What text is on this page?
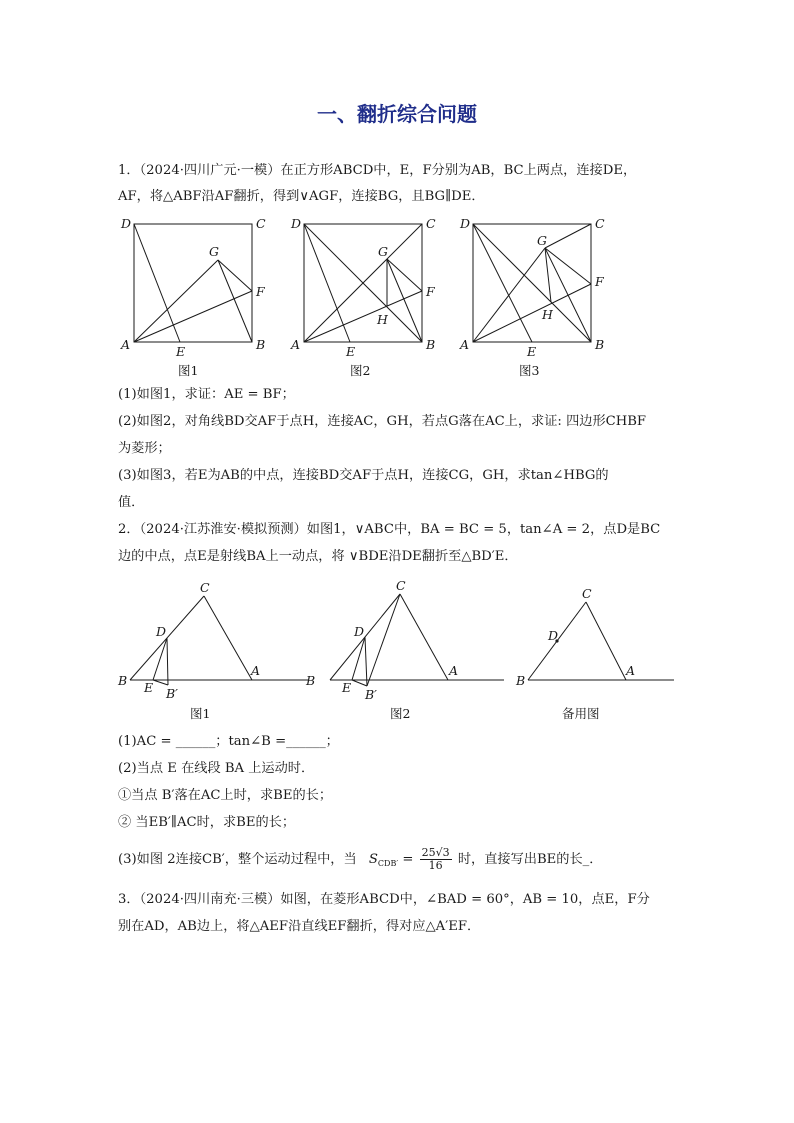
一、翻折综合问题
1．（2024·四川广元·一模）在正方形ABCD中，E，F分别为AB，BC上两点，连接DE，
AF，将△ABF沿AF翻折，得到∨AGF，连接BG，且BG∥DE．
D	C
A	B
E
F
G
图1
D	C
A	B
E
F
G
H
图2
D	C
A	B
E
F
G
H
图3
(1)如图1，求证：AE = BF；
(2)如图2，对角线BD交AF于点H，连接AC，GH，若点G落在AC上，求证: 四边形CHBF
为菱形；
(3)如图3，若E为AB的中点，连接BD交AF于点H，连接CG，GH，求tan∠HBG的
值．
2．（2024·江苏淮安·模拟预测）如图1，∨ABC中，BA = BC = 5，tan∠A = 2，点D是BC
边的中点，点E是射线BA上一动点，将 ∨BDE沿DE翻折至△BD′E．
B
C
A
D
E B′
B
图1
C
A
D
E B′
图2
B
C
A
D
备用图
(1)AC = ______；tan∠B =______；
(2)当点 E 在线段 BA 上运动时．
①当点 B′落在AC上时，求BE的长；
② 当EB′∥AC时，求BE的长；
(3)如图 2连接CB′，整个运动过程中，当 $S_{CDB'} = \frac{25√3}{16}$ 时，直接写出BE的长_．
3．（2024·四川南充·三模）如图，在菱形ABCD中，∠BAD = 60°，AB = 10，点E，F分
别在AD，AB边上，将△AEF沿直线EF翻折，得对应△A′EF．
